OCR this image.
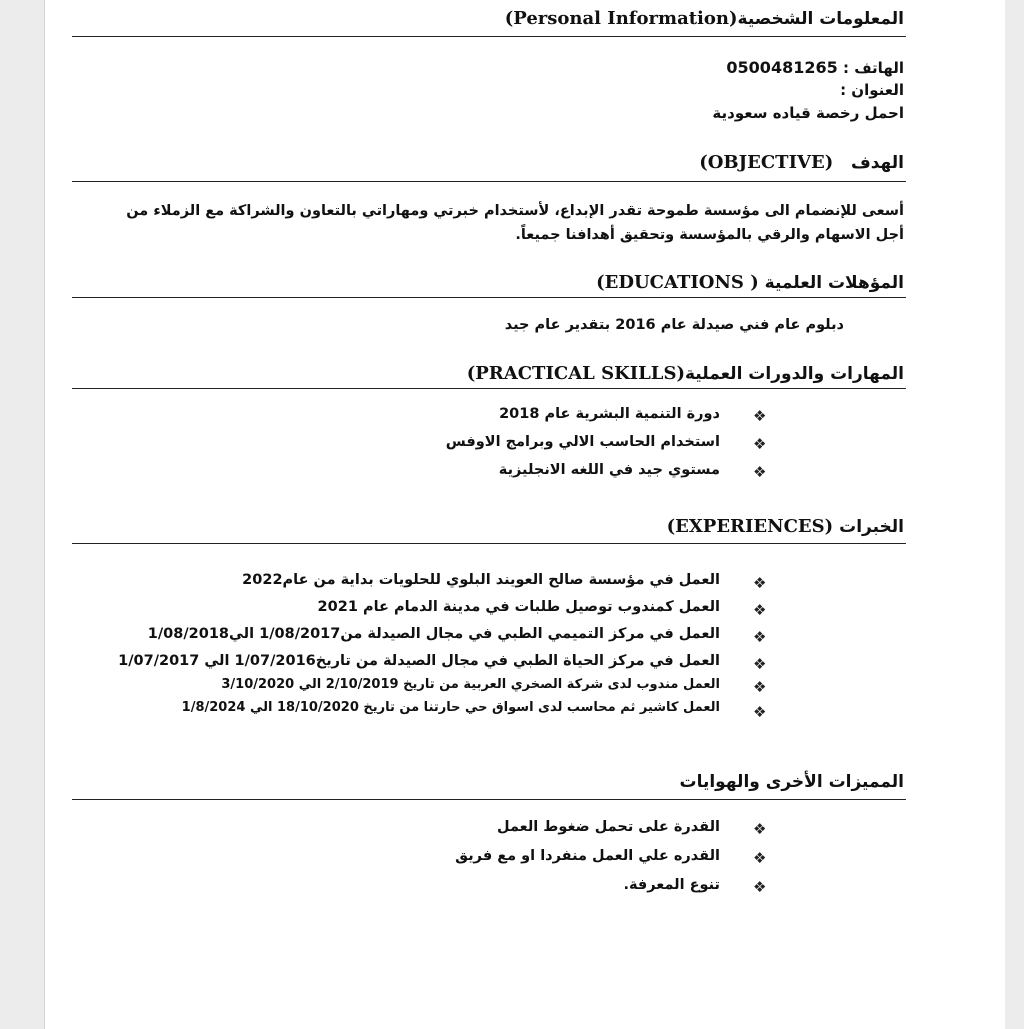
المعلومات الشخصية(Personal Information)
الهاتف : 0500481265
العنوان :
احمل رخصة قياده سعودية
الهدف   (OBJECTIVE)
أسعى للإنضمام الى مؤسسة طموحة تقدر الإبداع، لأستخدام خبرتي ومهاراتي بالتعاون والشراكة مع الزملاء من أجل الاسهام والرقي بالمؤسسة وتحقيق أهدافنا جميعاً.
المؤهلات العلمية ( EDUCATIONS)
دبلوم عام فني صيدلة عام 2016 بتقدير عام جيد
المهارات والدورات العملية(PRACTICAL SKILLS)
❖
دورة التنمية البشرية عام 2018
❖
استخدام الحاسب الالي وبرامج الاوفس
❖
مستوي جيد في اللغه الانجليزية
الخبرات (EXPERIENCES)
❖
العمل في مؤسسة صالح العويند البلوي للحلويات بداية من عام2022
❖
العمل كمندوب توصيل طلبات في مدينة الدمام عام 2021
❖
العمل في مركز التميمي الطبي في مجال الصيدلة من1/08/2017 الي1/08/2018
❖
العمل في مركز الحياة الطبي في مجال الصيدلة من تاريخ1/07/2016 الي 1/07/2017
❖
العمل مندوب لدى شركة الصخري العربية من تاريخ 2/10/2019 الي 3/10/2020
❖
العمل كاشير ثم محاسب لدى اسواق حي حارتنا من تاريخ 18/10/2020 الي 1/8/2024
المميزات الأخرى والهوايات
❖
القدرة على تحمل ضغوط العمل
❖
القدره علي العمل منفردا او مع فريق
❖
تنوع المعرفة.
